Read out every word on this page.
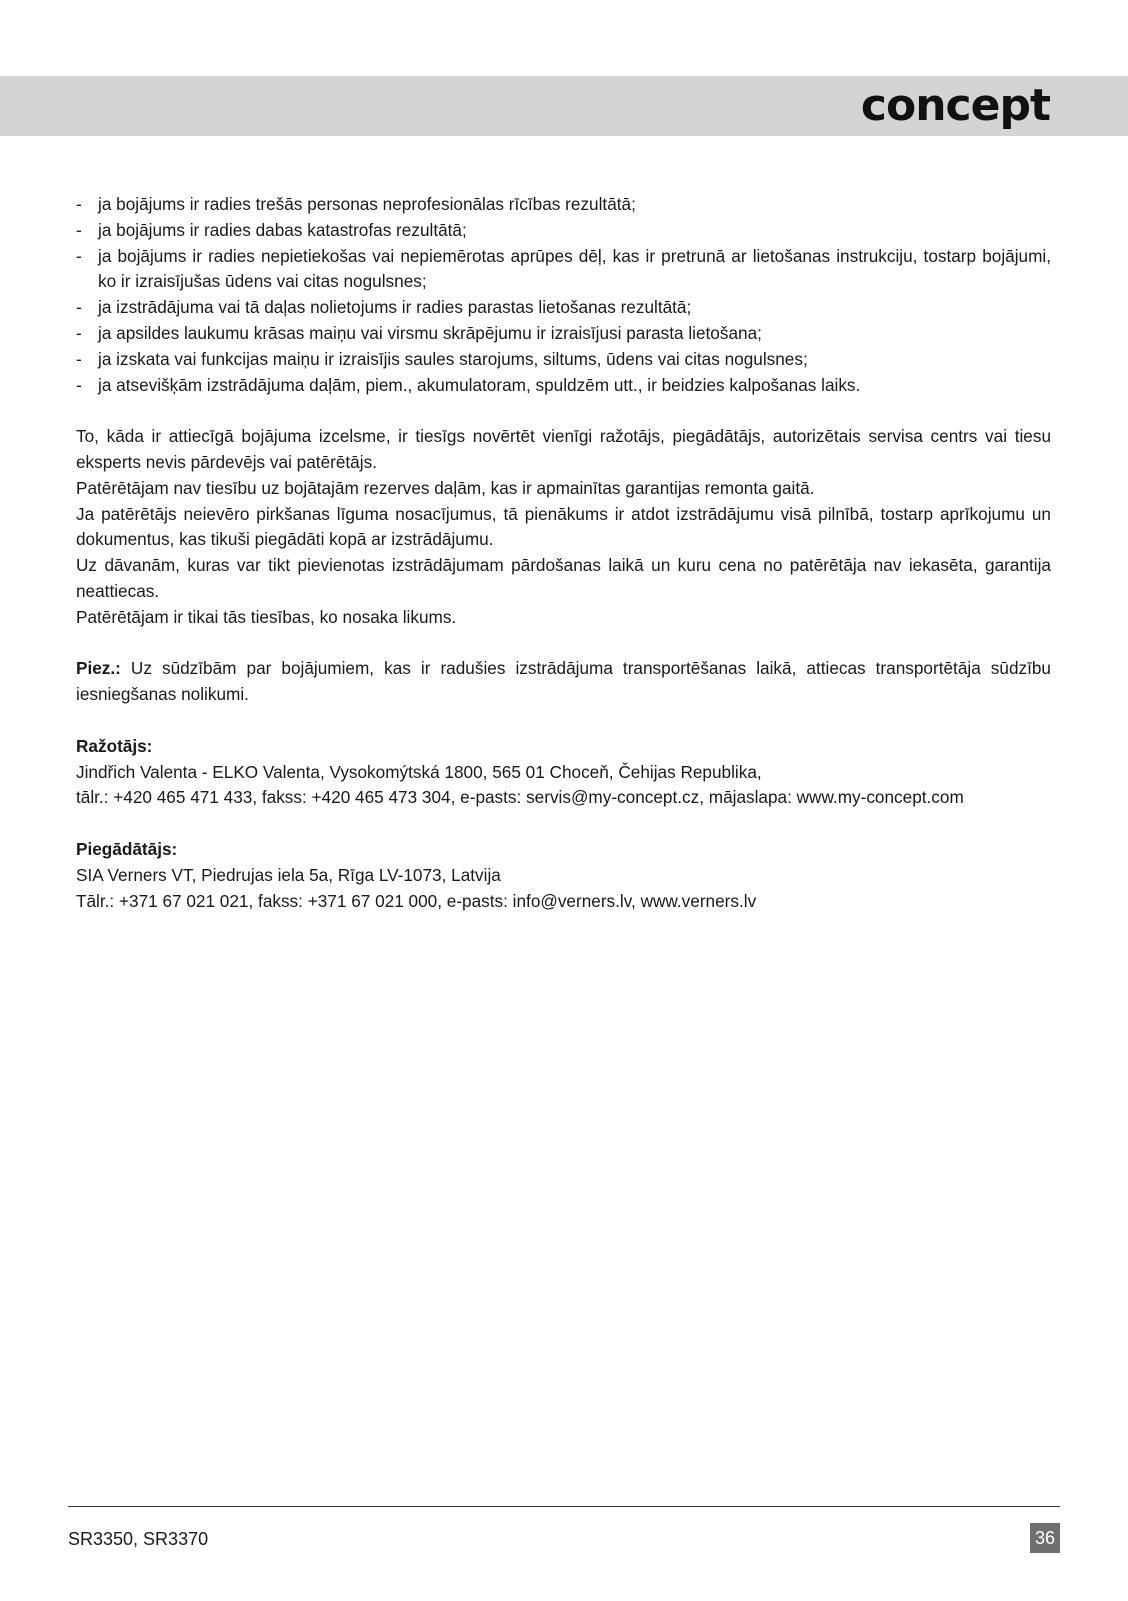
concept
- ja bojājums ir radies trešās personas neprofesionālas rīcības rezultātā;
- ja bojājums ir radies dabas katastrofas rezultātā;
- ja bojājums ir radies nepietiekošas vai nepiemērotas aprūpes dēļ, kas ir pretrunā ar lietošanas instrukciju, tostarp bojājumi, ko ir izraisījušas ūdens vai citas nogulsnes;
- ja izstrādājuma vai tā daļas nolietojums ir radies parastas lietošanas rezultātā;
- ja apsildes laukumu krāsas maiņu vai virsmu skrāpējumu ir izraisījusi parasta lietošana;
- ja izskata vai funkcijas maiņu ir izraisījis saules starojums, siltums, ūdens vai citas nogulsnes;
- ja atsevišķām izstrādājuma daļām, piem., akumulatoram, spuldzēm utt., ir beidzies kalpošanas laiks.

To, kāda ir attiecīgā bojājuma izcelsme, ir tiesīgs novērtēt vienīgi ražotājs, piegādātājs, autorizētais servisa centrs vai tiesu eksperts nevis pārdevējs vai patērētājs.

Patērētājam nav tiesību uz bojātajām rezerves daļām, kas ir apmainītas garantijas remonta gaitā.

Ja patērētājs neievēro pirkšanas līguma nosacījumus, tā pienākums ir atdot izstrādājumu visā pilnībā, tostarp aprīkojumu un dokumentus, kas tikuši piegādāti kopā ar izstrādājumu.

Uz dāvanām, kuras var tikt pievienotas izstrādājumam pārdošanas laikā un kuru cena no patērētāja nav iekasēta, garantija neattiecas.

Patērētājam ir tikai tās tiesības, ko nosaka likums.

Piez.: Uz sūdzībām par bojājumiem, kas ir radušies izstrādājuma transportēšanas laikā, attiecas transportētāja sūdzību iesniegšanas nolikumi.

Ražotājs:

Jindřich Valenta - ELKO Valenta, Vysokomýtská 1800, 565 01 Choceň, Čehijas Republika,

tālr.: +420 465 471 433, fakss: +420 465 473 304, e-pasts: servis@my-concept.cz, mājaslapa: www.my-concept.com

Piegādātājs:

SIA Verners VT, Piedrujas iela 5a, Rīga LV-1073, Latvija

Tālr.: +371 67 021 021, fakss: +371 67 021 000, e-pasts: info@verners.lv, www.verners.lv

SR3350, SR3370	36
